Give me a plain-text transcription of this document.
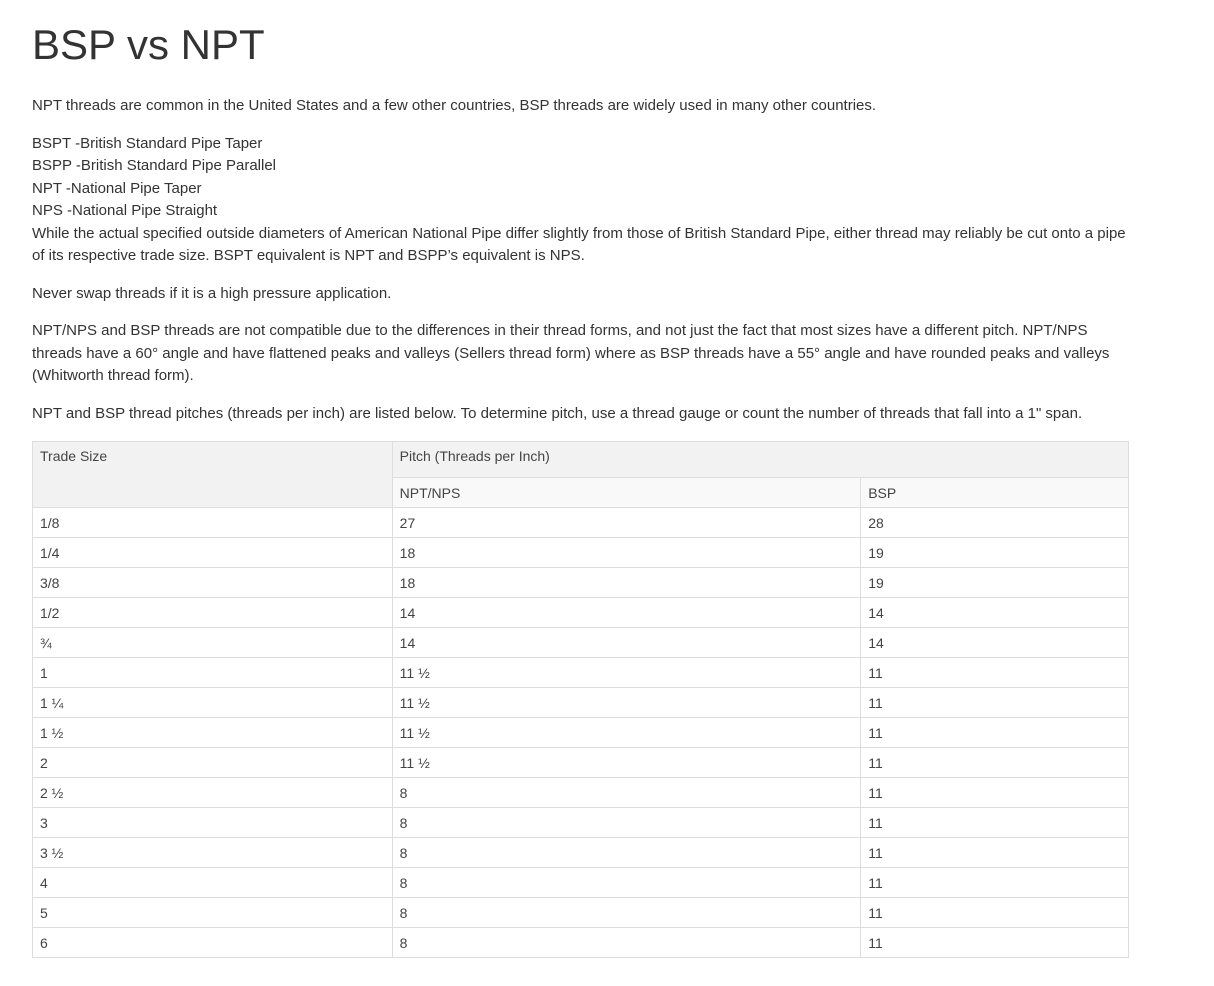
BSP vs NPT

NPT threads are common in the United States and a few other countries, BSP threads are widely used in many other countries.

BSPT -British Standard Pipe Taper
BSPP -British Standard Pipe Parallel
NPT -National Pipe Taper
NPS -National Pipe Straight
While the actual specified outside diameters of American National Pipe differ slightly from those of British Standard Pipe, either thread may reliably be cut onto a pipe of its respective trade size. BSPT equivalent is NPT and BSPP’s equivalent is NPS.

Never swap threads if it is a high pressure application.

NPT/NPS and BSP threads are not compatible due to the differences in their thread forms, and not just the fact that most sizes have a different pitch. NPT/NPS threads have a 60° angle and have flattened peaks and valleys (Sellers thread form) where as BSP threads have a 55° angle and have rounded peaks and valleys (Whitworth thread form).

NPT and BSP thread pitches (threads per inch) are listed below. To determine pitch, use a thread gauge or count the number of threads that fall into a 1" span.

Trade Size	Pitch (Threads per Inch)	
	NPT/NPS	BSP
1/8	27	28
1/4	18	19
3/8	18	19
1/2	14	14
¾	14	14
1	11 ½	11
1 ¼	11 ½	11
1 ½	11 ½	11
2	11 ½	11
2 ½	8	11
3	8	11
3 ½	8	11
4	8	11
5	8	11
6	8	11
